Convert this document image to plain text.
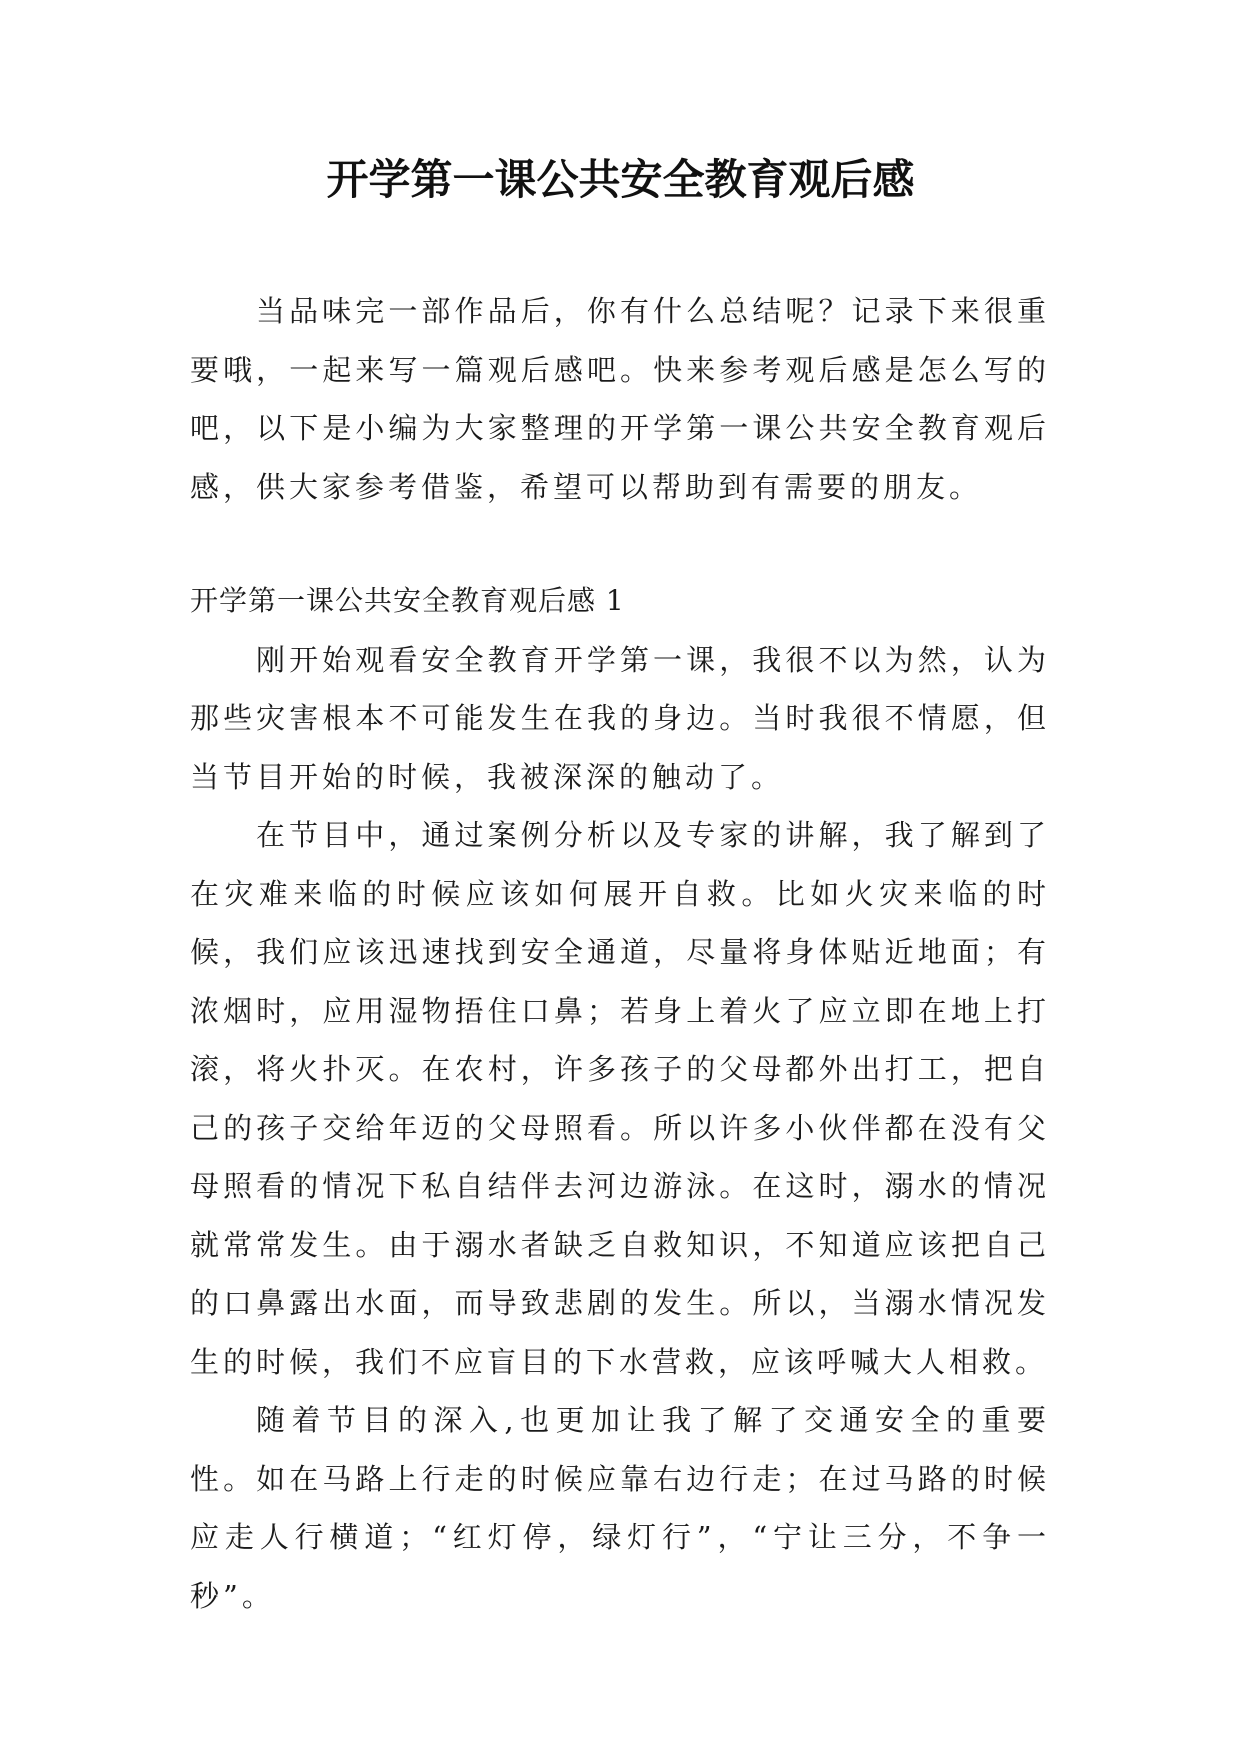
开学第一课公共安全教育观后感

当品味完一部作品后，你有什么总结呢？记录下来很重要哦，一起来写一篇观后感吧。快来参考观后感是怎么写的吧，以下是小编为大家整理的开学第一课公共安全教育观后感，供大家参考借鉴，希望可以帮助到有需要的朋友。

开学第一课公共安全教育观后感 1

刚开始观看安全教育开学第一课，我很不以为然，认为那些灾害根本不可能发生在我的身边。当时我很不情愿，但当节目开始的时候，我被深深的触动了。

在节目中，通过案例分析以及专家的讲解，我了解到了在灾难来临的时候应该如何展开自救。比如火灾来临的时候，我们应该迅速找到安全通道，尽量将身体贴近地面；有浓烟时，应用湿物捂住口鼻；若身上着火了应立即在地上打滚，将火扑灭。在农村，许多孩子的父母都外出打工，把自己的孩子交给年迈的父母照看。所以许多小伙伴都在没有父母照看的情况下私自结伴去河边游泳。在这时，溺水的情况就常常发生。由于溺水者缺乏自救知识，不知道应该把自己的口鼻露出水面，而导致悲剧的发生。所以，当溺水情况发生的时候，我们不应盲目的下水营救，应该呼喊大人相救。

随着节目的深入,也更加让我了解了交通安全的重要性。如在马路上行走的时候应靠右边行走；在过马路的时候应走人行横道；“红灯停，绿灯行”，“宁让三分，不争一秒”。
